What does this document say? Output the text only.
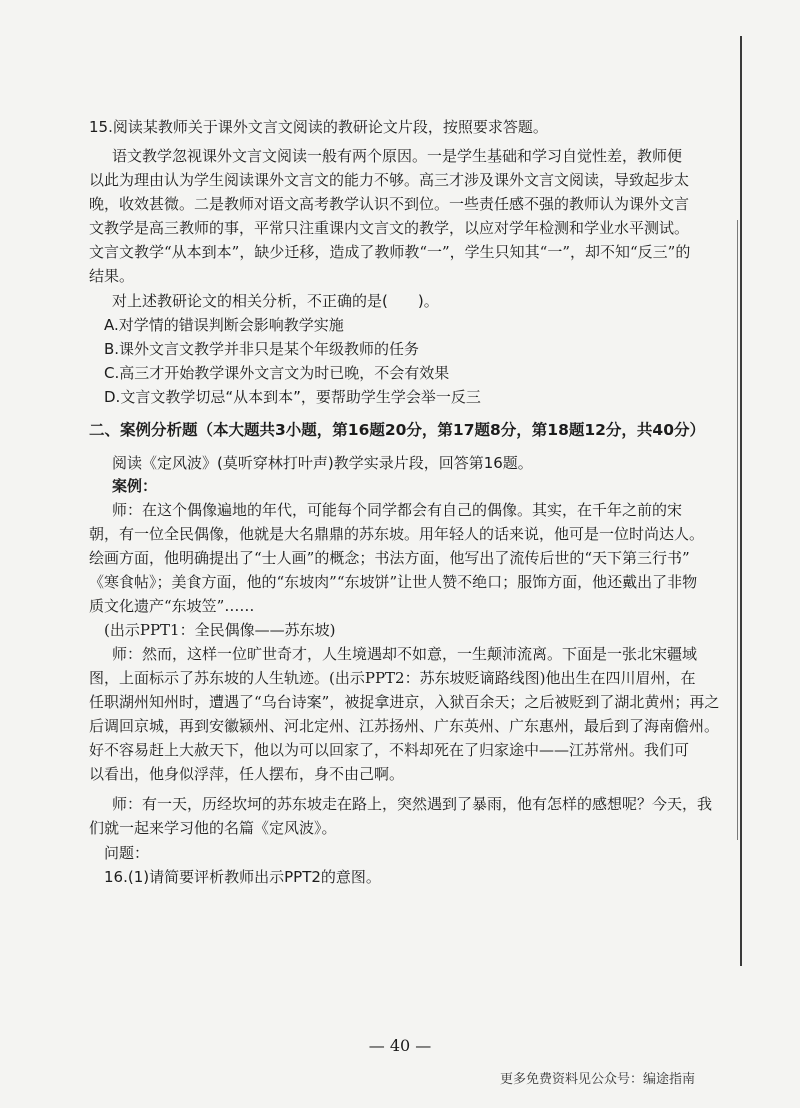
15.阅读某教师关于课外文言文阅读的教研论文片段，按照要求答题。
语文教学忽视课外文言文阅读一般有两个原因。一是学生基础和学习自觉性差，教师便
以此为理由认为学生阅读课外文言文的能力不够。高三才涉及课外文言文阅读，导致起步太
晚，收效甚微。二是教师对语文高考教学认识不到位。一些责任感不强的教师认为课外文言
文教学是高三教师的事，平常只注重课内文言文的教学，以应对学年检测和学业水平测试。
文言文教学“从本到本”，缺少迁移，造成了教师教“一”，学生只知其“一”，却不知“反三”的
结果。
对上述教研论文的相关分析，不正确的是(　　)。
A.对学情的错误判断会影响教学实施
B.课外文言文教学并非只是某个年级教师的任务
C.高三才开始教学课外文言文为时已晚，不会有效果
D.文言文教学切忌“从本到本”，要帮助学生学会举一反三
二、案例分析题（本大题共3小题，第16题20分，第17题8分，第18题12分，共40分）
阅读《定风波》(莫听穿林打叶声)教学实录片段，回答第16题。
案例：
师：在这个偶像遍地的年代，可能每个同学都会有自己的偶像。其实，在千年之前的宋
朝，有一位全民偶像，他就是大名鼎鼎的苏东坡。用年轻人的话来说，他可是一位时尚达人。
绘画方面，他明确提出了“士人画”的概念；书法方面，他写出了流传后世的“天下第三行书”
《寒食帖》；美食方面，他的“东坡肉”“东坡饼”让世人赞不绝口；服饰方面，他还戴出了非物
质文化遗产“东坡笠”……
(出示PPT1：全民偶像——苏东坡)
师：然而，这样一位旷世奇才，人生境遇却不如意，一生颠沛流离。下面是一张北宋疆域
图，上面标示了苏东坡的人生轨迹。(出示PPT2：苏东坡贬谪路线图)他出生在四川眉州，在
任职湖州知州时，遭遇了“乌台诗案”，被捉拿进京，入狱百余天；之后被贬到了湖北黄州；再之
后调回京城，再到安徽颍州、河北定州、江苏扬州、广东英州、广东惠州，最后到了海南儋州。
好不容易赶上大赦天下，他以为可以回家了，不料却死在了归家途中——江苏常州。我们可
以看出，他身似浮萍，任人摆布，身不由己啊。
师：有一天，历经坎坷的苏东坡走在路上，突然遇到了暴雨，他有怎样的感想呢？今天，我
们就一起来学习他的名篇《定风波》。
问题：
16.(1)请简要评析教师出示PPT2的意图。
— 40 —
更多免费资料见公众号：编途指南
